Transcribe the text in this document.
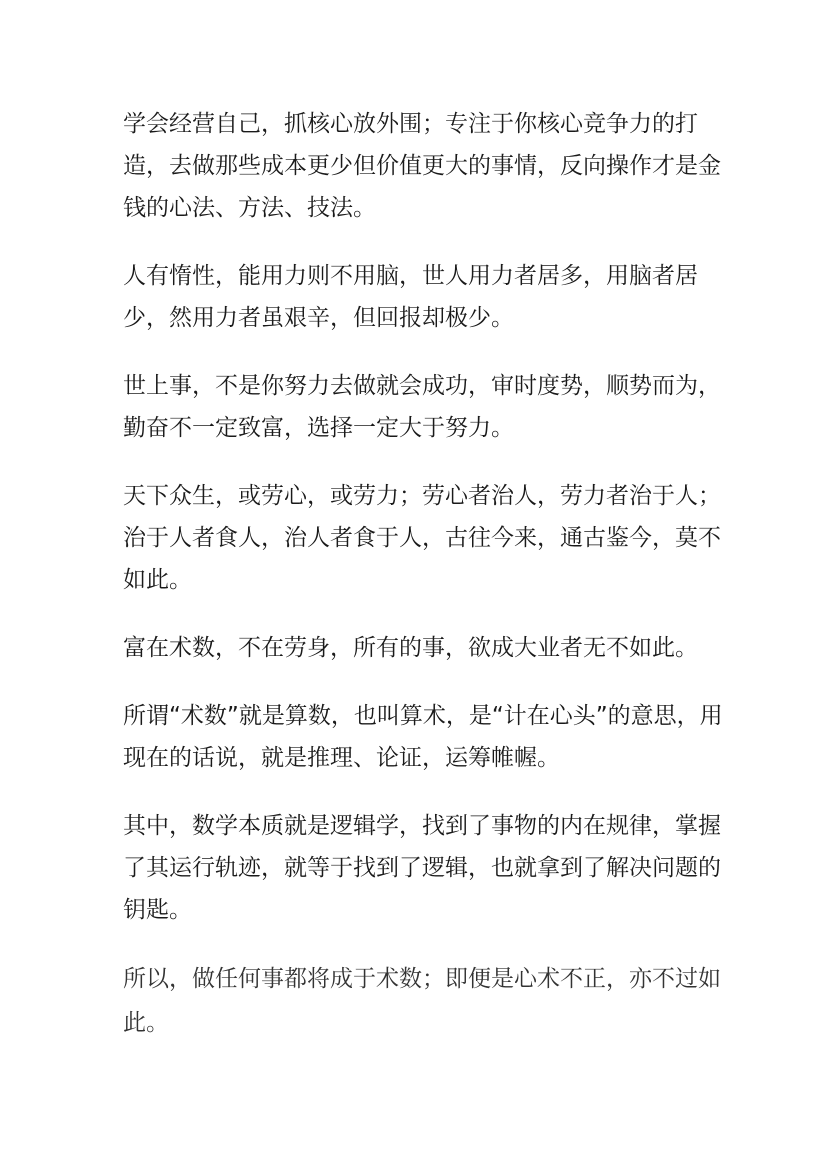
学会经营自己，抓核心放外围；专注于你核心竞争力的打造，去做那些成本更少但价值更大的事情，反向操作才是金钱的心法、方法、技法。

人有惰性，能用力则不用脑，世人用力者居多，用脑者居少，然用力者虽艰辛，但回报却极少。

世上事，不是你努力去做就会成功，审时度势，顺势而为，勤奋不一定致富，选择一定大于努力。

天下众生，或劳心，或劳力；劳心者治人，劳力者治于人；治于人者食人，治人者食于人，古往今来，通古鉴今，莫不如此。

富在术数，不在劳身，所有的事，欲成大业者无不如此。

所谓“术数”就是算数，也叫算术，是“计在心头”的意思，用现在的话说，就是推理、论证，运筹帷幄。

其中，数学本质就是逻辑学，找到了事物的内在规律，掌握了其运行轨迹，就等于找到了逻辑，也就拿到了解决问题的钥匙。

所以，做任何事都将成于术数；即便是心术不正，亦不过如此。
